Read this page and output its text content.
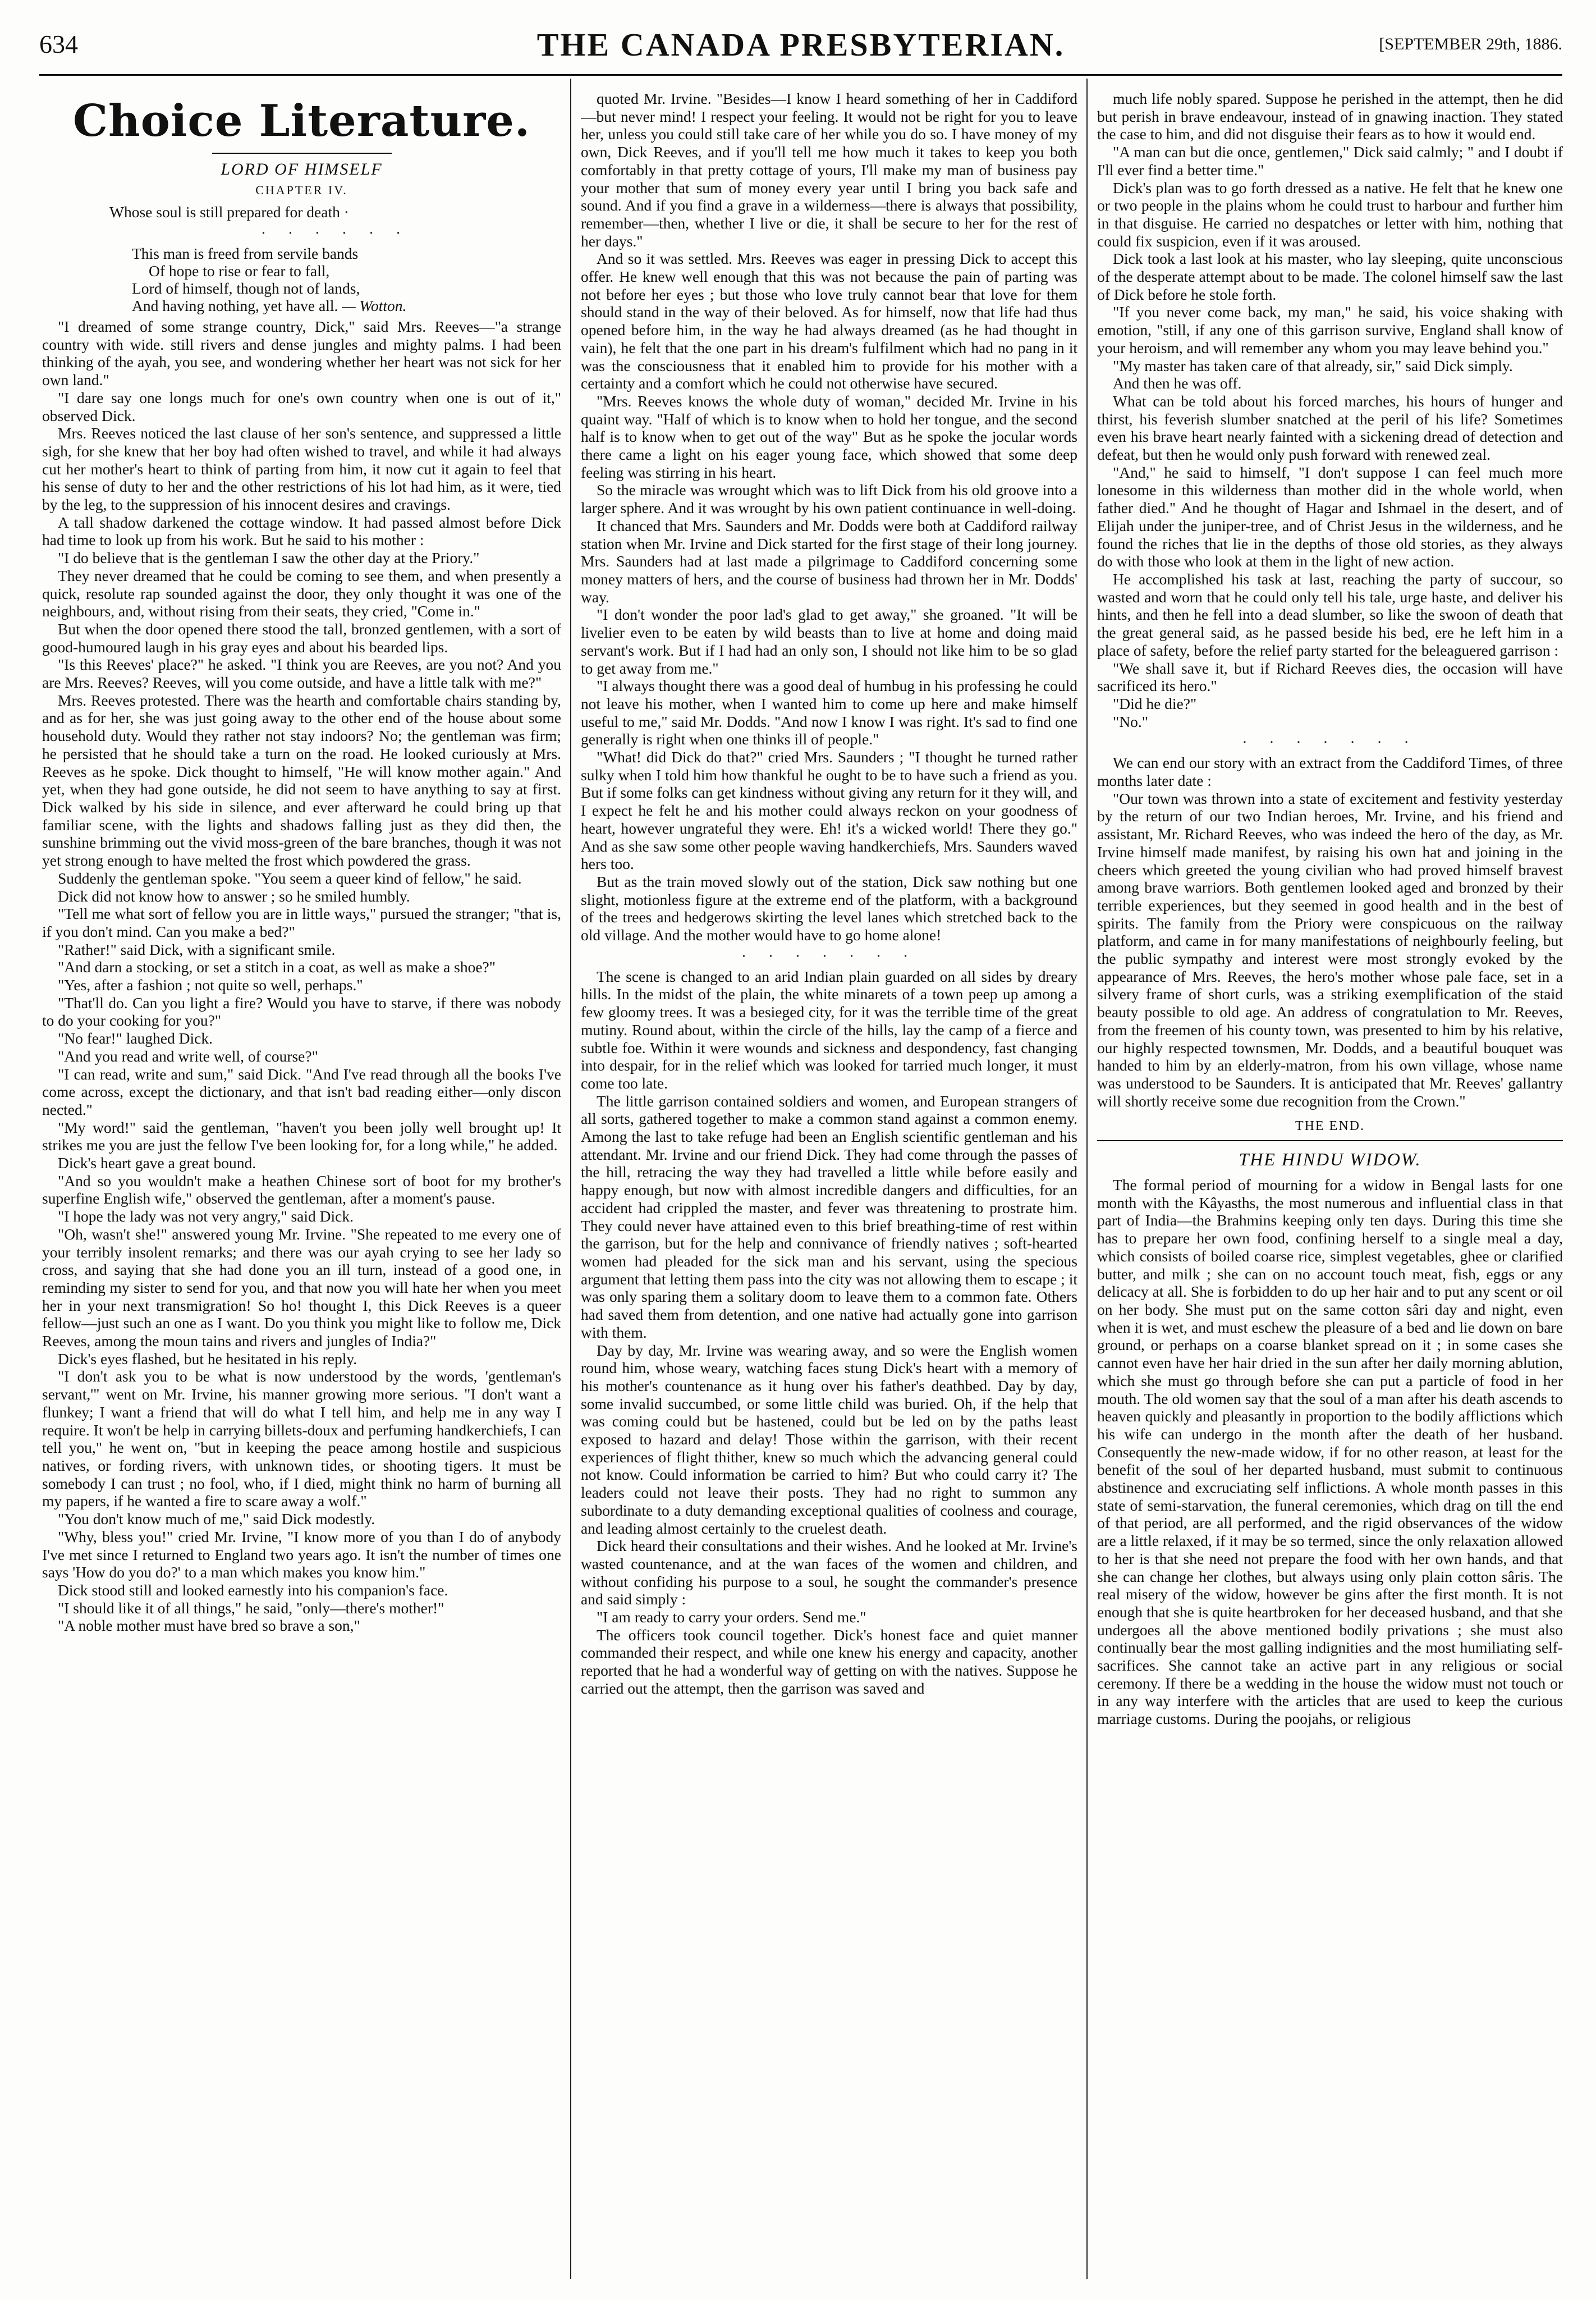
634	THE CANADA PRESBYTERIAN.	[SEPTEMBER 29th, 1886.
Choice Literature.
LORD OF HIMSELF
CHAPTER IV.
Whose soul is still prepared for death ·
· · · · · ·
This man is freed from servile bands
Of hope to rise or fear to fall,
Lord of himself, though not of lands,
And having nothing, yet have all. — Wotton.

"I dreamed of some strange country, Dick," said Mrs. Reeves—"a strange country with wide. still rivers and dense jungles and mighty palms. I had been thinking of the ayah, you see, and wondering whether her heart was not sick for her own land."

"I dare say one longs much for one's own country when one is out of it," observed Dick.

Mrs. Reeves noticed the last clause of her son's sentence, and suppressed a little sigh, for she knew that her boy had often wished to travel, and while it had always cut her mother's heart to think of parting from him, it now cut it again to feel that his sense of duty to her and the other restrictions of his lot had him, as it were, tied by the leg, to the suppression of his innocent desires and cravings.

A tall shadow darkened the cottage window. It had passed almost before Dick had time to look up from his work. But he said to his mother :

"I do believe that is the gentleman I saw the other day at the Priory."

They never dreamed that he could be coming to see them, and when presently a quick, resolute rap sounded against the door, they only thought it was one of the neighbours, and, without rising from their seats, they cried, "Come in."

But when the door opened there stood the tall, bronzed gentlemen, with a sort of good-humoured laugh in his gray eyes and about his bearded lips.

"Is this Reeves' place?" he asked. "I think you are Reeves, are you not? And you are Mrs. Reeves? Reeves, will you come outside, and have a little talk with me?"

Mrs. Reeves protested. There was the hearth and comfortable chairs standing by, and as for her, she was just going away to the other end of the house about some household duty. Would they rather not stay indoors? No; the gentleman was firm; he persisted that he should take a turn on the road. He looked curiously at Mrs. Reeves as he spoke. Dick thought to himself, "He will know mother again." And yet, when they had gone outside, he did not seem to have anything to say at first. Dick walked by his side in silence, and ever afterward he could bring up that familiar scene, with the lights and shadows falling just as they did then, the sunshine brimming out the vivid moss-green of the bare branches, though it was not yet strong enough to have melted the frost which powdered the grass.

Suddenly the gentleman spoke. "You seem a queer kind of fellow," he said.

Dick did not know how to answer ; so he smiled humbly.

"Tell me what sort of fellow you are in little ways," pursued the stranger; "that is, if you don't mind. Can you make a bed?"

"Rather!" said Dick, with a significant smile.

"And darn a stocking, or set a stitch in a coat, as well as make a shoe?"

"Yes, after a fashion ; not quite so well, perhaps."

"That'll do. Can you light a fire? Would you have to starve, if there was nobody to do your cooking for you?"

"No fear!" laughed Dick.

"And you read and write well, of course?"

"I can read, write and sum," said Dick. "And I've read through all the books I've come across, except the dictionary, and that isn't bad reading either—only discon nected."

"My word!" said the gentleman, "haven't you been jolly well brought up! It strikes me you are just the fellow I've been looking for, for a long while," he added.

Dick's heart gave a great bound.

"And so you wouldn't make a heathen Chinese sort of boot for my brother's superfine English wife," observed the gentleman, after a moment's pause.

"I hope the lady was not very angry," said Dick.

"Oh, wasn't she!" answered young Mr. Irvine. "She repeated to me every one of your terribly insolent remarks; and there was our ayah crying to see her lady so cross, and saying that she had done you an ill turn, instead of a good one, in reminding my sister to send for you, and that now you will hate her when you meet her in your next transmigration! So ho! thought I, this Dick Reeves is a queer fellow—just such an one as I want. Do you think you might like to follow me, Dick Reeves, among the moun tains and rivers and jungles of India?"

Dick's eyes flashed, but he hesitated in his reply.

"I don't ask you to be what is now understood by the words, 'gentleman's servant,'" went on Mr. Irvine, his manner growing more serious. "I don't want a flunkey; I want a friend that will do what I tell him, and help me in any way I require. It won't be help in carrying billets-doux and perfuming handkerchiefs, I can tell you," he went on, "but in keeping the peace among hostile and suspicious natives, or fording rivers, with unknown tides, or shooting tigers. It must be somebody I can trust ; no fool, who, if I died, might think no harm of burning all my papers, if he wanted a fire to scare away a wolf."

"You don't know much of me," said Dick modestly.

"Why, bless you!" cried Mr. Irvine, "I know more of you than I do of anybody I've met since I returned to England two years ago. It isn't the number of times one says 'How do you do?' to a man which makes you know him."

Dick stood still and looked earnestly into his companion's face.

"I should like it of all things," he said, "only—there's mother!"

"A noble mother must have bred so brave a son,"

quoted Mr. Irvine. "Besides—I know I heard something of her in Caddiford—but never mind! I respect your feeling. It would not be right for you to leave her, unless you could still take care of her while you do so. I have money of my own, Dick Reeves, and if you'll tell me how much it takes to keep you both comfortably in that pretty cottage of yours, I'll make my man of business pay your mother that sum of money every year until I bring you back safe and sound. And if you find a grave in a wilderness—there is always that possibility, remember—then, whether I live or die, it shall be secure to her for the rest of her days."

And so it was settled. Mrs. Reeves was eager in pressing Dick to accept this offer. He knew well enough that this was not because the pain of parting was not before her eyes ; but those who love truly cannot bear that love for them should stand in the way of their beloved. As for himself, now that life had thus opened before him, in the way he had always dreamed (as he had thought in vain), he felt that the one part in his dream's fulfilment which had no pang in it was the consciousness that it enabled him to provide for his mother with a certainty and a comfort which he could not otherwise have secured.

"Mrs. Reeves knows the whole duty of woman," decided Mr. Irvine in his quaint way. "Half of which is to know when to hold her tongue, and the second half is to know when to get out of the way" But as he spoke the jocular words there came a light on his eager young face, which showed that some deep feeling was stirring in his heart.

So the miracle was wrought which was to lift Dick from his old groove into a larger sphere. And it was wrought by his own patient continuance in well-doing.

It chanced that Mrs. Saunders and Mr. Dodds were both at Caddiford railway station when Mr. Irvine and Dick started for the first stage of their long journey. Mrs. Saunders had at last made a pilgrimage to Caddiford concerning some money matters of hers, and the course of business had thrown her in Mr. Dodds' way.

"I don't wonder the poor lad's glad to get away," she groaned. "It will be livelier even to be eaten by wild beasts than to live at home and doing maid servant's work. But if I had had an only son, I should not like him to be so glad to get away from me."

"I always thought there was a good deal of humbug in his professing he could not leave his mother, when I wanted him to come up here and make himself useful to me," said Mr. Dodds. "And now I know I was right. It's sad to find one generally is right when one thinks ill of people."

"What! did Dick do that?" cried Mrs. Saunders ; "I thought he turned rather sulky when I told him how thankful he ought to be to have such a friend as you. But if some folks can get kindness without giving any return for it they will, and I expect he felt he and his mother could always reckon on your goodness of heart, however ungrateful they were. Eh! it's a wicked world! There they go." And as she saw some other people waving handkerchiefs, Mrs. Saunders waved hers too.

But as the train moved slowly out of the station, Dick saw nothing but one slight, motionless figure at the extreme end of the platform, with a background of the trees and hedgerows skirting the level lanes which stretched back to the old village. And the mother would have to go home alone!

· · · · · · ·

The scene is changed to an arid Indian plain guarded on all sides by dreary hills. In the midst of the plain, the white minarets of a town peep up among a few gloomy trees. It was a besieged city, for it was the terrible time of the great mutiny. Round about, within the circle of the hills, lay the camp of a fierce and subtle foe. Within it were wounds and sickness and despondency, fast changing into despair, for in the relief which was looked for tarried much longer, it must come too late.

The little garrison contained soldiers and women, and European strangers of all sorts, gathered together to make a common stand against a common enemy. Among the last to take refuge had been an English scientific gentleman and his attendant. Mr. Irvine and our friend Dick. They had come through the passes of the hill, retracing the way they had travelled a little while before easily and happy enough, but now with almost incredible dangers and difficulties, for an accident had crippled the master, and fever was threatening to prostrate him. They could never have attained even to this brief breathing-time of rest within the garrison, but for the help and connivance of friendly natives ; soft-hearted women had pleaded for the sick man and his servant, using the specious argument that letting them pass into the city was not allowing them to escape ; it was only sparing them a solitary doom to leave them to a common fate. Others had saved them from detention, and one native had actually gone into garrison with them.

Day by day, Mr. Irvine was wearing away, and so were the English women round him, whose weary, watching faces stung Dick's heart with a memory of his mother's countenance as it hung over his father's deathbed. Day by day, some invalid succumbed, or some little child was buried. Oh, if the help that was coming could but be hastened, could but be led on by the paths least exposed to hazard and delay! Those within the garrison, with their recent experiences of flight thither, knew so much which the advancing general could not know. Could information be carried to him? But who could carry it? The leaders could not leave their posts. They had no right to summon any subordinate to a duty demanding exceptional qualities of coolness and courage, and leading almost certainly to the cruelest death.

Dick heard their consultations and their wishes. And he looked at Mr. Irvine's wasted countenance, and at the wan faces of the women and children, and without confiding his purpose to a soul, he sought the commander's presence and said simply :

"I am ready to carry your orders. Send me."

The officers took council together. Dick's honest face and quiet manner commanded their respect, and while one knew his energy and capacity, another reported that he had a wonderful way of getting on with the natives. Suppose he carried out the attempt, then the garrison was saved and

much life nobly spared. Suppose he perished in the attempt, then he did but perish in brave endeavour, instead of in gnawing inaction. They stated the case to him, and did not disguise their fears as to how it would end.

"A man can but die once, gentlemen," Dick said calmly; " and I doubt if I'll ever find a better time."

Dick's plan was to go forth dressed as a native. He felt that he knew one or two people in the plains whom he could trust to harbour and further him in that disguise. He carried no despatches or letter with him, nothing that could fix suspicion, even if it was aroused.

Dick took a last look at his master, who lay sleeping, quite unconscious of the desperate attempt about to be made. The colonel himself saw the last of Dick before he stole forth.

"If you never come back, my man," he said, his voice shaking with emotion, "still, if any one of this garrison survive, England shall know of your heroism, and will remember any whom you may leave behind you."

"My master has taken care of that already, sir," said Dick simply.

And then he was off.

What can be told about his forced marches, his hours of hunger and thirst, his feverish slumber snatched at the peril of his life? Sometimes even his brave heart nearly fainted with a sickening dread of detection and defeat, but then he would only push forward with renewed zeal.

"And," he said to himself, "I don't suppose I can feel much more lonesome in this wilderness than mother did in the whole world, when father died." And he thought of Hagar and Ishmael in the desert, and of Elijah under the juniper-tree, and of Christ Jesus in the wilderness, and he found the riches that lie in the depths of those old stories, as they always do with those who look at them in the light of new action.

He accomplished his task at last, reaching the party of succour, so wasted and worn that he could only tell his tale, urge haste, and deliver his hints, and then he fell into a dead slumber, so like the swoon of death that the great general said, as he passed beside his bed, ere he left him in a place of safety, before the relief party started for the beleaguered garrison :

"We shall save it, but if Richard Reeves dies, the occasion will have sacrificed its hero."

"Did he die?"

"No."

· · · · · · ·

We can end our story with an extract from the Caddiford Times, of three months later date :

"Our town was thrown into a state of excitement and festivity yesterday by the return of our two Indian heroes, Mr. Irvine, and his friend and assistant, Mr. Richard Reeves, who was indeed the hero of the day, as Mr. Irvine himself made manifest, by raising his own hat and joining in the cheers which greeted the young civilian who had proved himself bravest among brave warriors. Both gentlemen looked aged and bronzed by their terrible experiences, but they seemed in good health and in the best of spirits. The family from the Priory were conspicuous on the railway platform, and came in for many manifestations of neighbourly feeling, but the public sympathy and interest were most strongly evoked by the appearance of Mrs. Reeves, the hero's mother whose pale face, set in a silvery frame of short curls, was a striking exemplification of the staid beauty possible to old age. An address of congratulation to Mr. Reeves, from the freemen of his county town, was presented to him by his relative, our highly respected townsmen, Mr. Dodds, and a beautiful bouquet was handed to him by an elderly-matron, from his own village, whose name was understood to be Saunders. It is anticipated that Mr. Reeves' gallantry will shortly receive some due recognition from the Crown."

THE END.
THE HINDU WIDOW.

The formal period of mourning for a widow in Bengal lasts for one month with the Kâyasths, the most numerous and influential class in that part of India—the Brahmins keeping only ten days. During this time she has to prepare her own food, confining herself to a single meal a day, which consists of boiled coarse rice, simplest vegetables, ghee or clarified butter, and milk ; she can on no account touch meat, fish, eggs or any delicacy at all. She is forbidden to do up her hair and to put any scent or oil on her body. She must put on the same cotton sâri day and night, even when it is wet, and must eschew the pleasure of a bed and lie down on bare ground, or perhaps on a coarse blanket spread on it ; in some cases she cannot even have her hair dried in the sun after her daily morning ablution, which she must go through before she can put a particle of food in her mouth. The old women say that the soul of a man after his death ascends to heaven quickly and pleasantly in proportion to the bodily afflictions which his wife can undergo in the month after the death of her husband. Consequently the new-made widow, if for no other reason, at least for the benefit of the soul of her departed husband, must submit to continuous abstinence and excruciating self inflictions. A whole month passes in this state of semi-starvation, the funeral ceremonies, which drag on till the end of that period, are all performed, and the rigid observances of the widow are a little relaxed, if it may be so termed, since the only relaxation allowed to her is that she need not prepare the food with her own hands, and that she can change her clothes, but always using only plain cotton sâris. The real misery of the widow, however be gins after the first month. It is not enough that she is quite heartbroken for her deceased husband, and that she undergoes all the above mentioned bodily privations ; she must also continually bear the most galling indignities and the most humiliating self-sacrifices. She cannot take an active part in any religious or social ceremony. If there be a wedding in the house the widow must not touch or in any way interfere with the articles that are used to keep the curious marriage customs. During the poojahs, or religious
